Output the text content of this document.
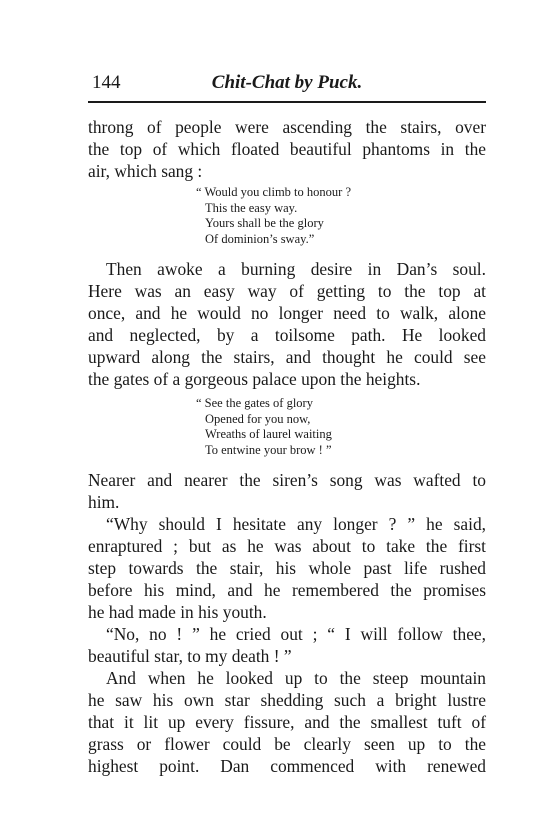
144	Chit-Chat by Puck.
throng of people were ascending the stairs, over
the top of which floated beautiful phantoms in the
air, which sang :
“ Would you climb to honour ?
This the easy way.
Yours shall be the glory
Of dominion’s sway.”
Then awoke a burning desire in Dan’s soul.
Here was an easy way of getting to the top at
once, and he would no longer need to walk, alone
and neglected, by a toilsome path. He looked
upward along the stairs, and thought he could see
the gates of a gorgeous palace upon the heights.
“ See the gates of glory
Opened for you now,
Wreaths of laurel waiting
To entwine your brow ! ”
Nearer and nearer the siren’s song was wafted to
him.
“Why should I hesitate any longer ? ” he said,
enraptured ; but as he was about to take the first
step towards the stair, his whole past life rushed
before his mind, and he remembered the promises
he had made in his youth.
“No, no ! ” he cried out ; “ I will follow thee,
beautiful star, to my death ! ”
And when he looked up to the steep mountain
he saw his own star shedding such a bright lustre
that it lit up every fissure, and the smallest tuft of
grass or flower could be clearly seen up to the
highest point. Dan commenced with renewed
